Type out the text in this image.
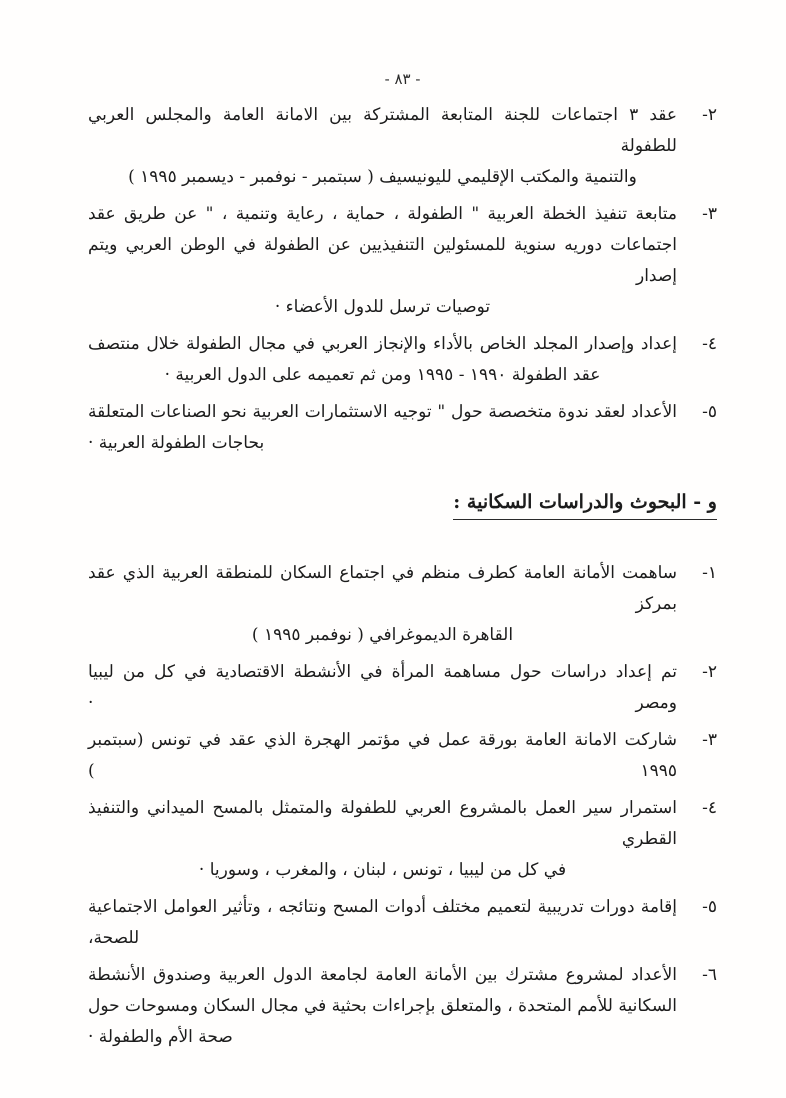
- ٨٣ -
٢-
عقد ٣ اجتماعات للجنة المتابعة المشتركة بين الامانة العامة والمجلس العربي للطفولة
والتنمية والمكتب الإقليمي لليونيسيف ( سبتمبر - نوفمبر - ديسمبر ١٩٩٥ )
٣-
متابعة تنفيذ الخطة العربية " الطفولة ، حماية ، رعاية وتنمية ، " عن طريق عقد
اجتماعات دوريه سنوية للمسئولين التنفيذيين عن الطفولة في الوطن العربي ويتم إصدار
توصيات ترسل للدول الأعضاء ·
٤-
إعداد وإصدار المجلد الخاص بالأداء والإنجاز العربي في مجال الطفولة خلال منتصف
عقد الطفولة ١٩٩٠ - ١٩٩٥ ومن ثم تعميمه على الدول العربية ·
٥-
الأعداد لعقد ندوة متخصصة حول " توجيه الاستثمارات العربية نحو الصناعات المتعلقة
بحاجات الطفولة العربية ·
و - البحوث والدراسات السكانية :
١-
ساهمت الأمانة العامة كطرف منظم في اجتماع السكان للمنطقة العربية الذي عقد بمركز
القاهرة الديموغرافي ( نوفمبر ١٩٩٥ )
٢-
تم إعداد دراسات حول مساهمة المرأة في الأنشطة الاقتصادية في كل من ليبيا ومصر ·
٣-
شاركت الامانة العامة بورقة عمل في مؤتمر الهجرة الذي عقد في تونس (سبتمبر ١٩٩٥ )
٤-
استمرار سير العمل بالمشروع العربي للطفولة والمتمثل بالمسح الميداني والتنفيذ القطري
في كل من ليبيا ، تونس ، لبنان ، والمغرب ، وسوريا ·
٥-
إقامة دورات تدريبية لتعميم مختلف أدوات المسح ونتائجه ، وتأثير العوامل الاجتماعية
للصحة،
٦-
الأعداد لمشروع مشترك بين الأمانة العامة لجامعة الدول العربية وصندوق الأنشطة
السكانية للأمم المتحدة ، والمتعلق بإجراءات بحثية في مجال السكان ومسوحات حول
صحة الأم والطفولة ·
